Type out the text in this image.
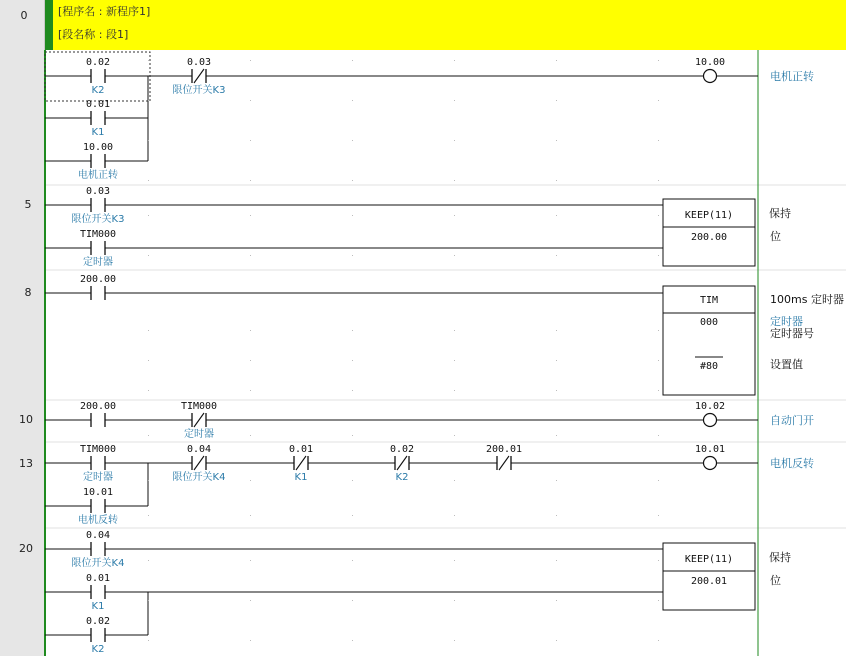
[程序名 : 新程序1]
[段名称 : 段1]
0
5
8
10
13
20
0.02
K2
0.03
限位开关K3
0.01
K1
10.00
电机正转
0.03
限位开关K3
TIM000
定时器
200.00
200.00	TIM000
定时器
TIM000
定时器
0.04
限位开关K4
0.01
K1
0.02
K2
200.01
10.01
电机反转
0.04
限位开关K4
0.01
K1
0.02
K2
10.00
电机正转
10.02
自动门开
10.01
电机反转
KEEP(11)
200.00
保持
位
TIM
000
#80
100ms 定时器
定时器
定时器号
设置值
KEEP(11)
200.01
保持
位
